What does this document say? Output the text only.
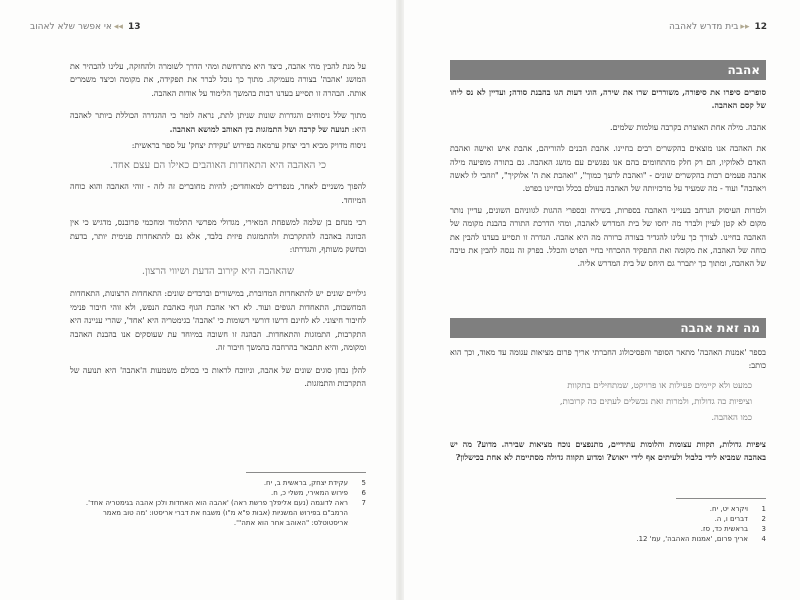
13◂◂אי אפשר שלא לאהוב

על מנת להבין מהי אהבה, כיצד היא מתרחשת ומהי הדרך לשומרה ולהחזקה, עלינו להבהיר את המושג 'אהבה' בצורה מעמיקה. מתוך כך נוכל לברר את תפקידה, את מקומה וכיצד משמרים אותה. הבהרה זו תסייע בעדנו רבות בהמשך הלימוד על אודות האהבה.

מתוך שלל ניסוחים והגדרות שונות שניתן לתת, נראה לומר כי ההגדרה הכוללת ביותר לאהבה היא: תנועה של קרבה ושל התמזגות בין האוהב למושא האהבה.

ניסוח מדויק מביא רבי יצחק ערמאה בפירוש 'עקידת יצחק' על ספר בראשית:

כי האהבה היא התאחדות האוהבים כאילו הם עצם אחד.

להפוך משניים לאחד, מנפרדים למאוחדים; להיות מחוברים זה לזה - זוהי האהבה והוא כוחה המיוחד.

רבי מנחם בן שלמה למשפחת המאירי, מגדולי מפרשי התלמוד ומחכמי פרובנס, מדגיש כי אין הכוונה באהבה להתקרבות ולהתמזגות פיזית בלבד, אלא גם להתאחדות פנימית יותר, בדעת ובחשק משותף, והגדרתו:

שהאהבה היא קירוב הדעת ושיווי הרצון.

גילויים שונים יש להתאחדות המדוברת, במישורים וברבדים שונים: התאחדות הרצונות, התאחדות המחשבות, התאחדות הגופים ועוד. לא ראי אהבת הגוף כאהבת הנפש, ולא זוהי חיבור פנימי לחיבור חיצוני. לא לחינם דרשו דורשי רשומות כי 'אהבה' בגימטריה היא 'אחד', שהרי עניינה היא התקרבות, התמזגות והתאחדות. הבהנה זו חשובה במיוחד עת שעוסקים אנו בהבנת האהבה ומקומה, והיא תתבאר בהרחבה בהמשך חיבור זה.

להלן נבחן סוגים שונים של אהבה, וניווכח לראות כי בכולם משמעות ה'אהבה' היא תנועה של התקרבות והתמזגות.

5עקידת יצחק, בראשית ב, יח.
6פירוש המאירי, משלי כ, ח.
7ראה לדוגמה (נעם אליפלך פרשת ראה) 'אהבה הוא האחדות ולכן אהבה בגימטריה אחד'.
הרמב"ם בפירוש המשניות (אבות פ"א מ"ו) משבח את דברי אריסטו: 'מה טוב מאמר אריסטוטלס: "האוהב אחר הוא אתה"'.
12▸▸בית מדרש לאהבה
אהבה

סופרים סיפרו את סיפורה, משוררים שרו את שירה, הוגי דעות הגו בהבנת סודה; ועדיין לא נס ליחו של קסם האהבה.

אהבה. מילה אחת האוצרת בקרבה עולמות שלמים.

את האהבה אנו מוצאים בהקשרים רבים בחיינו. אהבת הבנים להוריהם, אהבת איש ואישה ואהבת האדם לאלוקיו, הם רק חלק מהתחומים בהם אנו נפגשים עם מושג האהבה. גם בתורה מופיעה מילה אהבה פעמים רבות בהקשרים שונים - "ואהבת לרעך כמוך", "ואהבת את ה' אלוקיך", "וזהבי לו לאשה ויאהבה" ועוד - מה שמעיד על מרכזיותה של האהבה בעולם בכלל ובחיינו בפרט.

ולמרות העיסוק הנרחב בענייני האהבה בספרות, בשירה ובספרי ההגות לגווניהם השונים, עדיין נותר מקום לא קטן לעיין ולברר מה יחסו של בית המדרש לאהבה, ומהי הדרכת התורה בהבנת מקומה של האהבה בחיינו. לצורך כך עלינו להגדיר בצורה ברורה מה היא אהבה. הגדרה זו תסייע בעדנו להבין את כוחה של האהבה, את מקומה ואת התפקיד ההכרחי בחיי הפרט והכלל. בפרק זה ננסה להבין את טיבה של האהבה, ומתוך כך יתברר גם היחס של בית המדרש אליה.

מה זאת אהבה

בספר 'אמנות האהבה' מתאר הסופר והפסיכולוג החברתי אריך פרום מציאות עגומה עד מאוד, וכך הוא כותב:

כמעט ולא קיימים פעילות או פרויקט, שמתחילים בתקוות
וציפיות כה גדולות, ולמרות זאת נכשלים לעתים כה קרובות,
כמו האהבה.

ציפיות גדולות, תקוות עצומות והלומות עתידיים, מתנפצים נוכח מציאות שבירה. מדוע? מה יש באהבה שמביא לידי בלבול ולעיתים אף לידי ייאוש? ומדוע תקווה גדולה מסתיימת לא אחת בכישלון?

1ויקרא יט, יח.
2דברים ו, ה.
3בראשית כד, סז.
4אריך פרום, 'אמנות האהבה', עמ' 12.
